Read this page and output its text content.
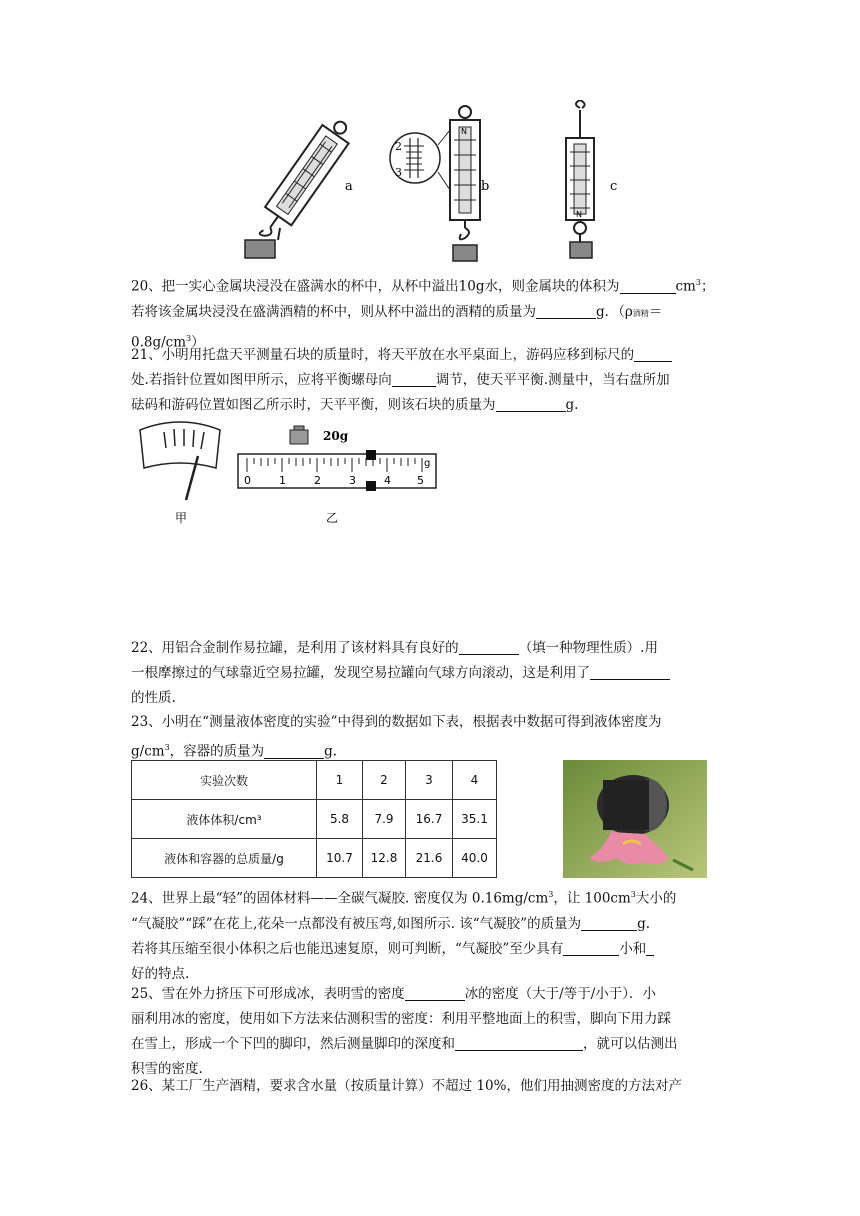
a
2
3
N
b
N
c

20、把一实心金属块浸没在盛满水的杯中，从杯中溢出10g水，则金属块的体积为	$cm^3$；

若将该金属块浸没在盛满酒精的杯中，则从杯中溢出的酒精的质量为	g．（ρ酒精＝

$0.8g/cm^3$）

21、小明用托盘天平测量石块的质量时，将天平放在水平桌面上，游码应移到标尺的

处.若指针位置如图甲所示，应将平衡螺母向	调节，使天平平衡.测量中，当右盘所加

砝码和游码位置如图乙所示时，天平平衡，则该石块的质量为	g.

甲
20g
g
0	1	2	3	4 5
乙

22、用铝合金制作易拉罐，是利用了该材料具有良好的	（填一种物理性质）.用

一根摩擦过的气球靠近空易拉罐，发现空易拉罐向气球方向滚动，这是利用了

的性质.

23、小明在“测量液体密度的实验”中得到的数据如下表，根据表中数据可得到液体密度为

$g/cm^3$，容器的质量为	g.

实验次数	1	2	3	4
液体体积/cm³	5.8	7.9	16.7	35.1
液体和容器的总质量/g	10.7	12.8	21.6	40.0

24、世界上最“轻”的固体材料——全碳气凝胶. 密度仅为 $0.16mg/cm^3$，让 $100cm^3$大小的

“气凝胶”“踩”在花上,花朵一点都没有被压弯,如图所示. 该“气凝胶”的质量为	g.

若将其压缩至很小体积之后也能迅速复原，则可判断，“气凝胶”至少具有	小和

好的特点.

25、雪在外力挤压下可形成冰，表明雪的密度	冰的密度（大于/等于/小于）．小

丽利用冰的密度，使用如下方法来估测积雪的密度：利用平整地面上的积雪，脚向下用力踩

在雪上，形成一个下凹的脚印，然后测量脚印的深度和	，就可以估测出

积雪的密度.

26、某工厂生产酒精，要求含水量（按质量计算）不超过 10%，他们用抽测密度的方法对产
